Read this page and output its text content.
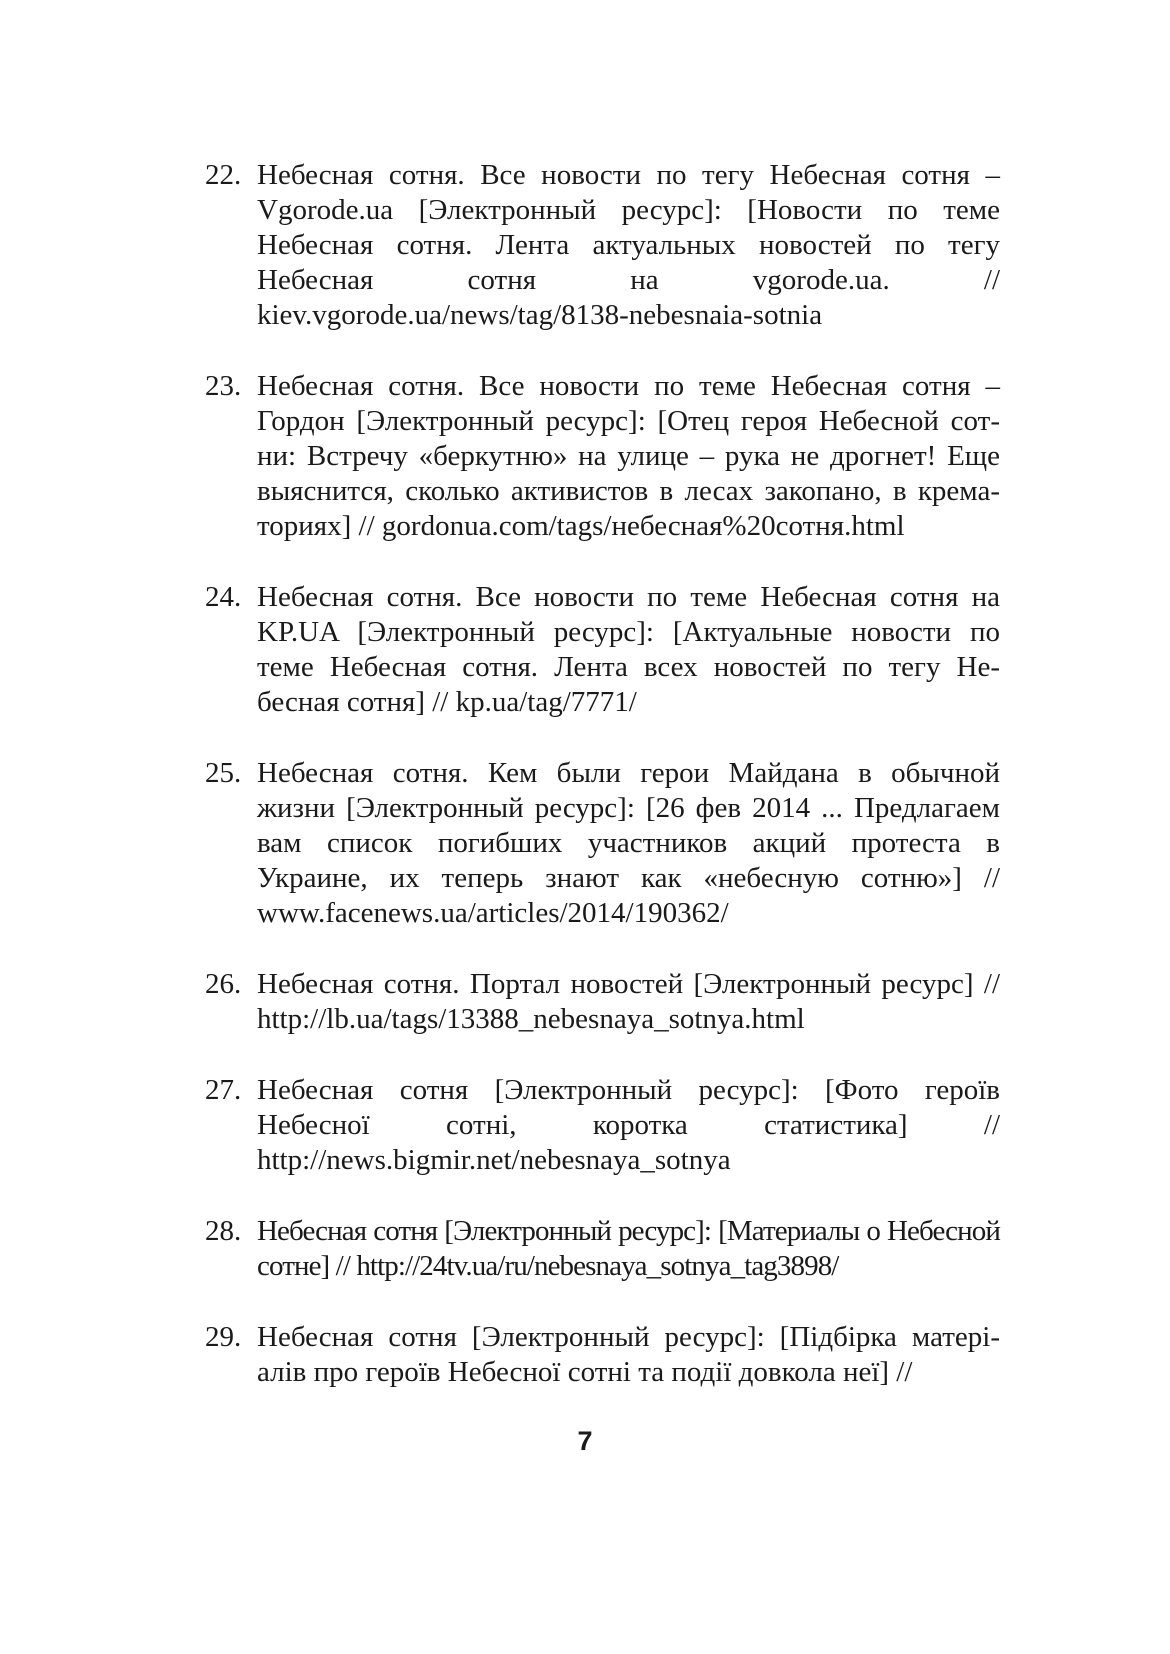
22. Небесная сотня. Все новости по тегу Небесная сотня – Vgorode.ua [Электронный ресурс]: [Новости по теме Небесная сотня. Лента актуальных новостей по тегу Небесная сотня на vgorode.ua. // kiev.vgorode.ua/news/tag/8138-nebesnaia-sotnia
23. Небесная сотня. Все новости по теме Небесная сотня – Гордон [Электронный ресурс]: [Отец героя Небесной сотни: Встречу «беркутню» на улице – рука не дрогнет! Еще выяснится, сколько активистов в лесах закопано, в крематориях] // gordonua.com/tags/небесная%20сотня.html
24. Небесная сотня. Все новости по теме Небесная сотня на KP.UA [Электронный ресурс]: [Актуальные новости по теме Небесная сотня. Лента всех новостей по тегу Небесная сотня] // kp.ua/tag/7771/
25. Небесная сотня. Кем были герои Майдана в обычной жизни [Электронный ресурс]: [26 фев 2014 ... Предлагаем вам список погибших участников акций протеста в Украине, их теперь знают как «небесную сотню»] // www.facenews.ua/articles/2014/190362/
26. Небесная сотня. Портал новостей [Электронный ресурс] // http://lb.ua/tags/13388_nebesnaya_sotnya.html
27. Небесная сотня [Электронный ресурс]: [Фото героїв Небесної сотні, коротка статистика] // http://news.bigmir.net/nebesnaya_sotnya
28. Небесная сотня [Электронный ресурс]: [Материалы о Небесной сотне] // http://24tv.ua/ru/nebesnaya_sotnya_tag3898/
29. Небесная сотня [Электронный ресурс]: [Підбірка матеріалів про героїв Небесної сотні та події довкола неї] //
7
